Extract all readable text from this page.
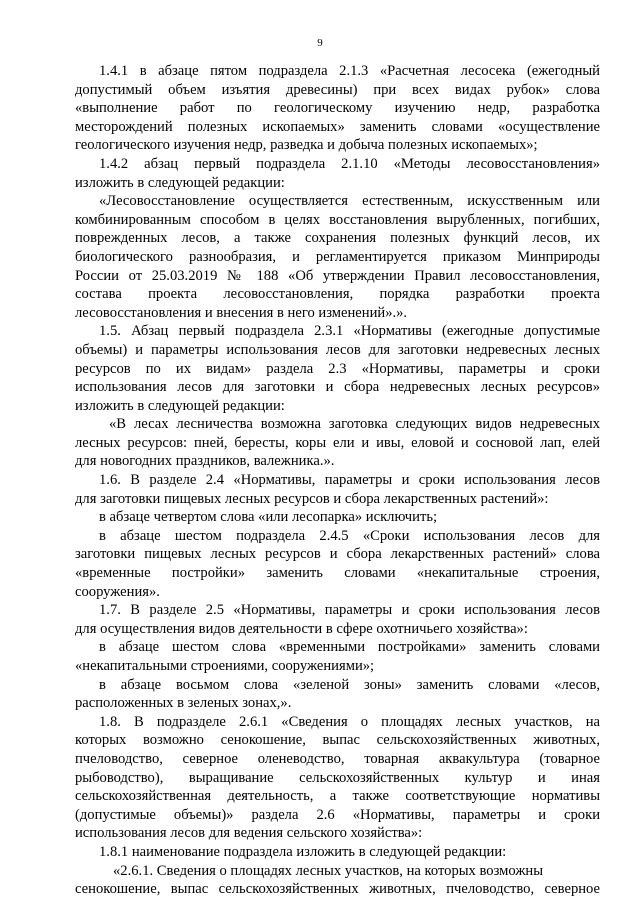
9
1.4.1 в абзаце пятом подраздела 2.1.3 «Расчетная лесосека (ежегодный
допустимый объем изъятия древесины) при всех видах рубок» слова
«выполнение работ по геологическому изучению недр, разработка
месторождений полезных ископаемых» заменить словами «осуществление
геологического изучения недр, разведка и добыча полезных ископаемых»;
1.4.2 абзац первый подраздела 2.1.10 «Методы лесовосстановления»
изложить в следующей редакции:
«Лесовосстановление осуществляется естественным, искусственным или
комбинированным способом в целях восстановления вырубленных, погибших,
поврежденных лесов, а также сохранения полезных функций лесов, их
биологического разнообразия, и регламентируется приказом Минприроды
России от 25.03.2019 № 188 «Об утверждении Правил лесовосстановления,
состава проекта лесовосстановления, порядка разработки проекта
лесовосстановления и внесения в него изменений».».
1.5. Абзац первый подраздела 2.3.1 «Нормативы (ежегодные допустимые
объемы) и параметры использования лесов для заготовки недревесных лесных
ресурсов по их видам» раздела 2.3 «Нормативы, параметры и сроки
использования лесов для заготовки и сбора недревесных лесных ресурсов»
изложить в следующей редакции:
«В лесах лесничества возможна заготовка следующих видов недревесных
лесных ресурсов: пней, бересты, коры ели и ивы, еловой и сосновой лап, елей
для новогодних праздников, валежника.».
1.6. В разделе 2.4 «Нормативы, параметры и сроки использования лесов
для заготовки пищевых лесных ресурсов и сбора лекарственных растений»:
в абзаце четвертом слова «или лесопарка» исключить;
в абзаце шестом подраздела 2.4.5 «Сроки использования лесов для
заготовки пищевых лесных ресурсов и сбора лекарственных растений» слова
«временные постройки» заменить словами «некапитальные строения,
сооружения».
1.7. В разделе 2.5 «Нормативы, параметры и сроки использования лесов
для осуществления видов деятельности в сфере охотничьего хозяйства»:
в абзаце шестом слова «временными постройками» заменить словами
«некапитальными строениями, сооружениями»;
в абзаце восьмом слова «зеленой зоны» заменить словами «лесов,
расположенных в зеленых зонах,».
1.8. В подразделе 2.6.1 «Сведения о площадях лесных участков, на
которых возможно сенокошение, выпас сельскохозяйственных животных,
пчеловодство, северное оленеводство, товарная аквакультура (товарное
рыбоводство), выращивание сельскохозяйственных культур и иная
сельскохозяйственная деятельность, а также соответствующие нормативы
(допустимые объемы)» раздела 2.6 «Нормативы, параметры и сроки
использования лесов для ведения сельского хозяйства»:
1.8.1 наименование подраздела изложить в следующей редакции:
«2.6.1. Сведения о площадях лесных участков, на которых возможны
сенокошение, выпас сельскохозяйственных животных, пчеловодство, северное
